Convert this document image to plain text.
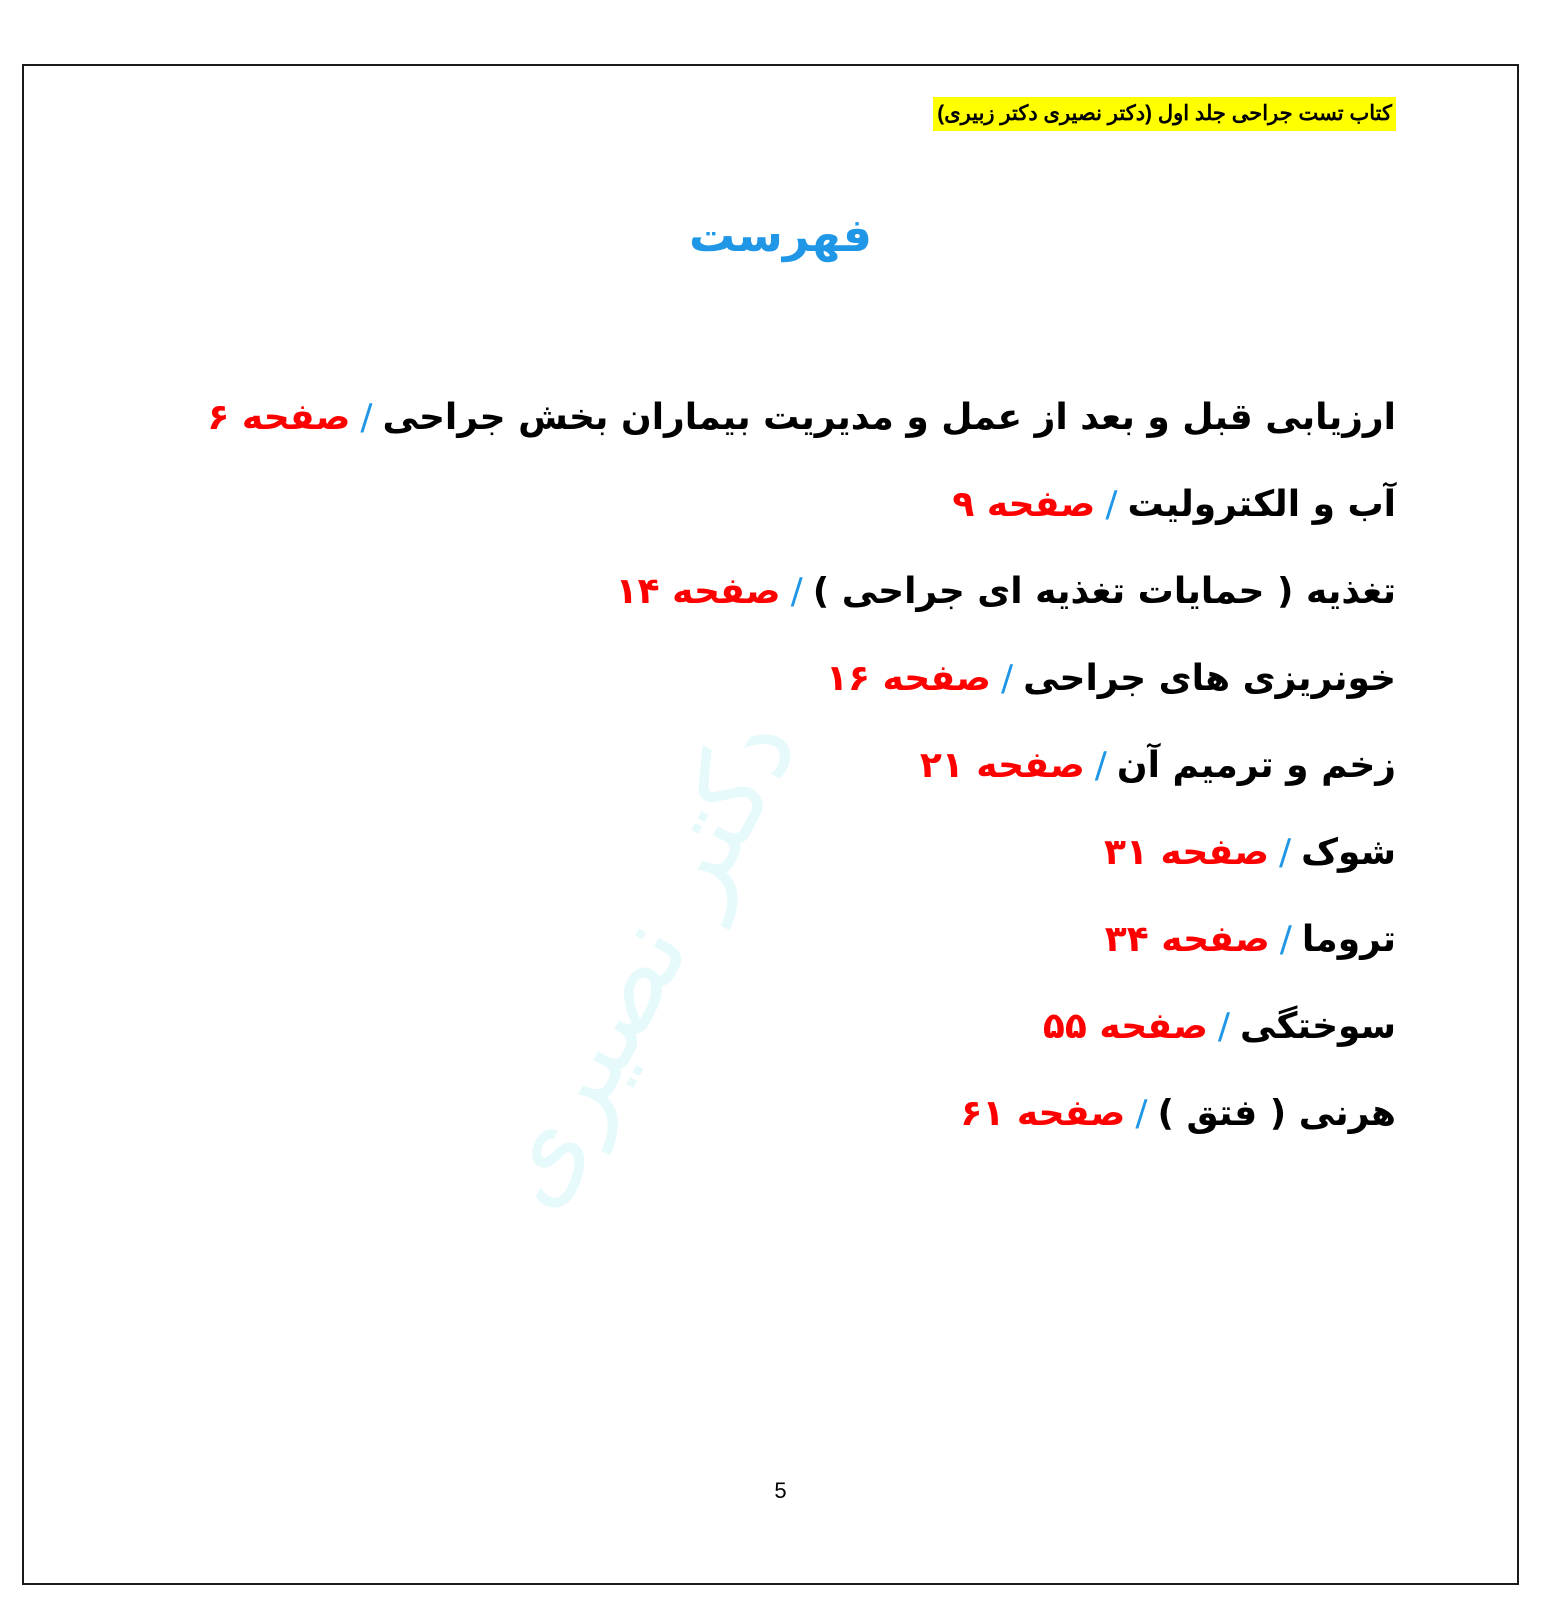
دکتر نصیری
کتاب تست جراحی جلد اول (دکتر نصیری دکتر زبیری)
فهرست
ارزیابی قبل و بعد از عمل و مدیریت بیماران بخش جراحی/صفحه ۶
آب و الکترولیت/صفحه ۹
تغذیه ( حمایات تغذیه ای جراحی )/صفحه ۱۴
خونریزی های جراحی/صفحه ۱۶
زخم و ترمیم آن/صفحه ۲۱
شوک/صفحه ۳۱
تروما/صفحه ۳۴
سوختگی/صفحه ۵۵
هرنی ( فتق )/صفحه ۶۱
5
